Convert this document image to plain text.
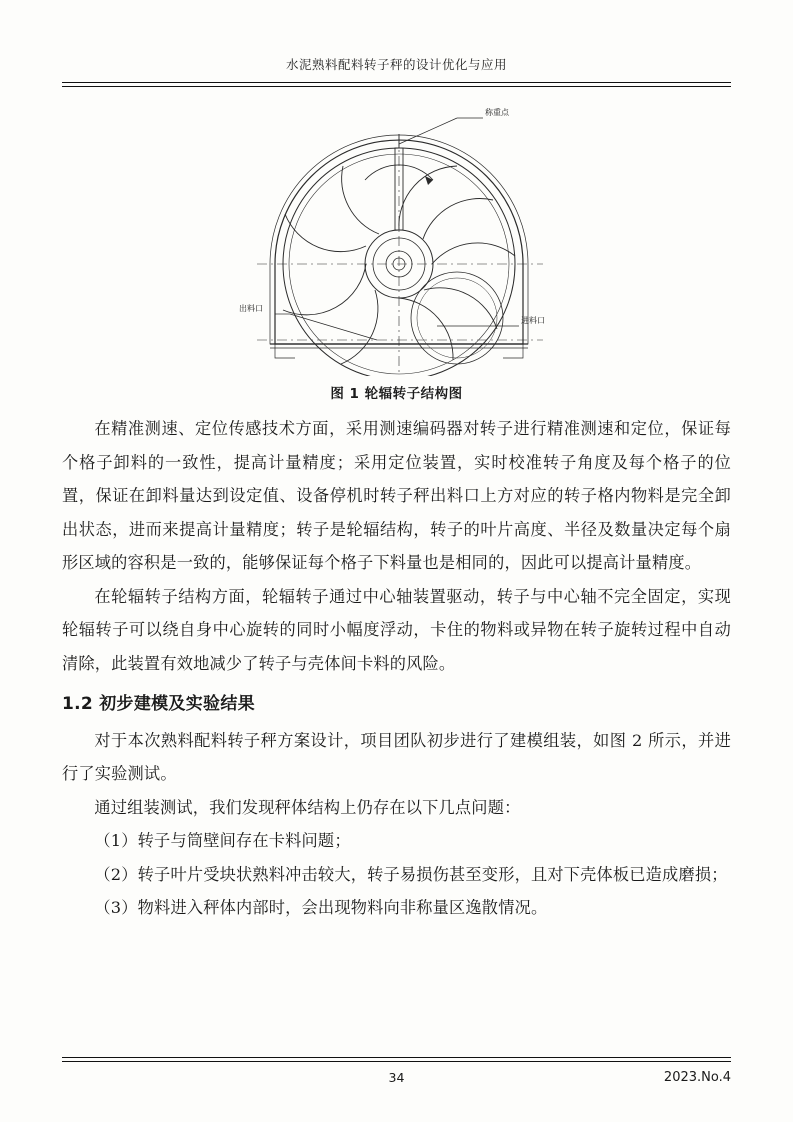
水泥熟料配料转子秤的设计优化与应用
称重点
出料口
进料口
图 1 轮辐转子结构图

在精准测速、定位传感技术方面，采用测速编码器对转子进行精准测速和定位，保证每个格子卸料的一致性，提高计量精度；采用定位装置，实时校准转子角度及每个格子的位置，保证在卸料量达到设定值、设备停机时转子秤出料口上方对应的转子格内物料是完全卸出状态，进而来提高计量精度；转子是轮辐结构，转子的叶片高度、半径及数量决定每个扇形区域的容积是一致的，能够保证每个格子下料量也是相同的，因此可以提高计量精度。

在轮辐转子结构方面，轮辐转子通过中心轴装置驱动，转子与中心轴不完全固定，实现轮辐转子可以绕自身中心旋转的同时小幅度浮动，卡住的物料或异物在转子旋转过程中自动清除，此装置有效地减少了转子与壳体间卡料的风险。

1.2 初步建模及实验结果

对于本次熟料配料转子秤方案设计，项目团队初步进行了建模组装，如图 2 所示，并进行了实验测试。

通过组装测试，我们发现秤体结构上仍存在以下几点问题：

（1）转子与筒壁间存在卡料问题；

（2）转子叶片受块状熟料冲击较大，转子易损伤甚至变形，且对下壳体板已造成磨损；

（3）物料进入秤体内部时，会出现物料向非称量区逸散情况。

34	2023.No.4
